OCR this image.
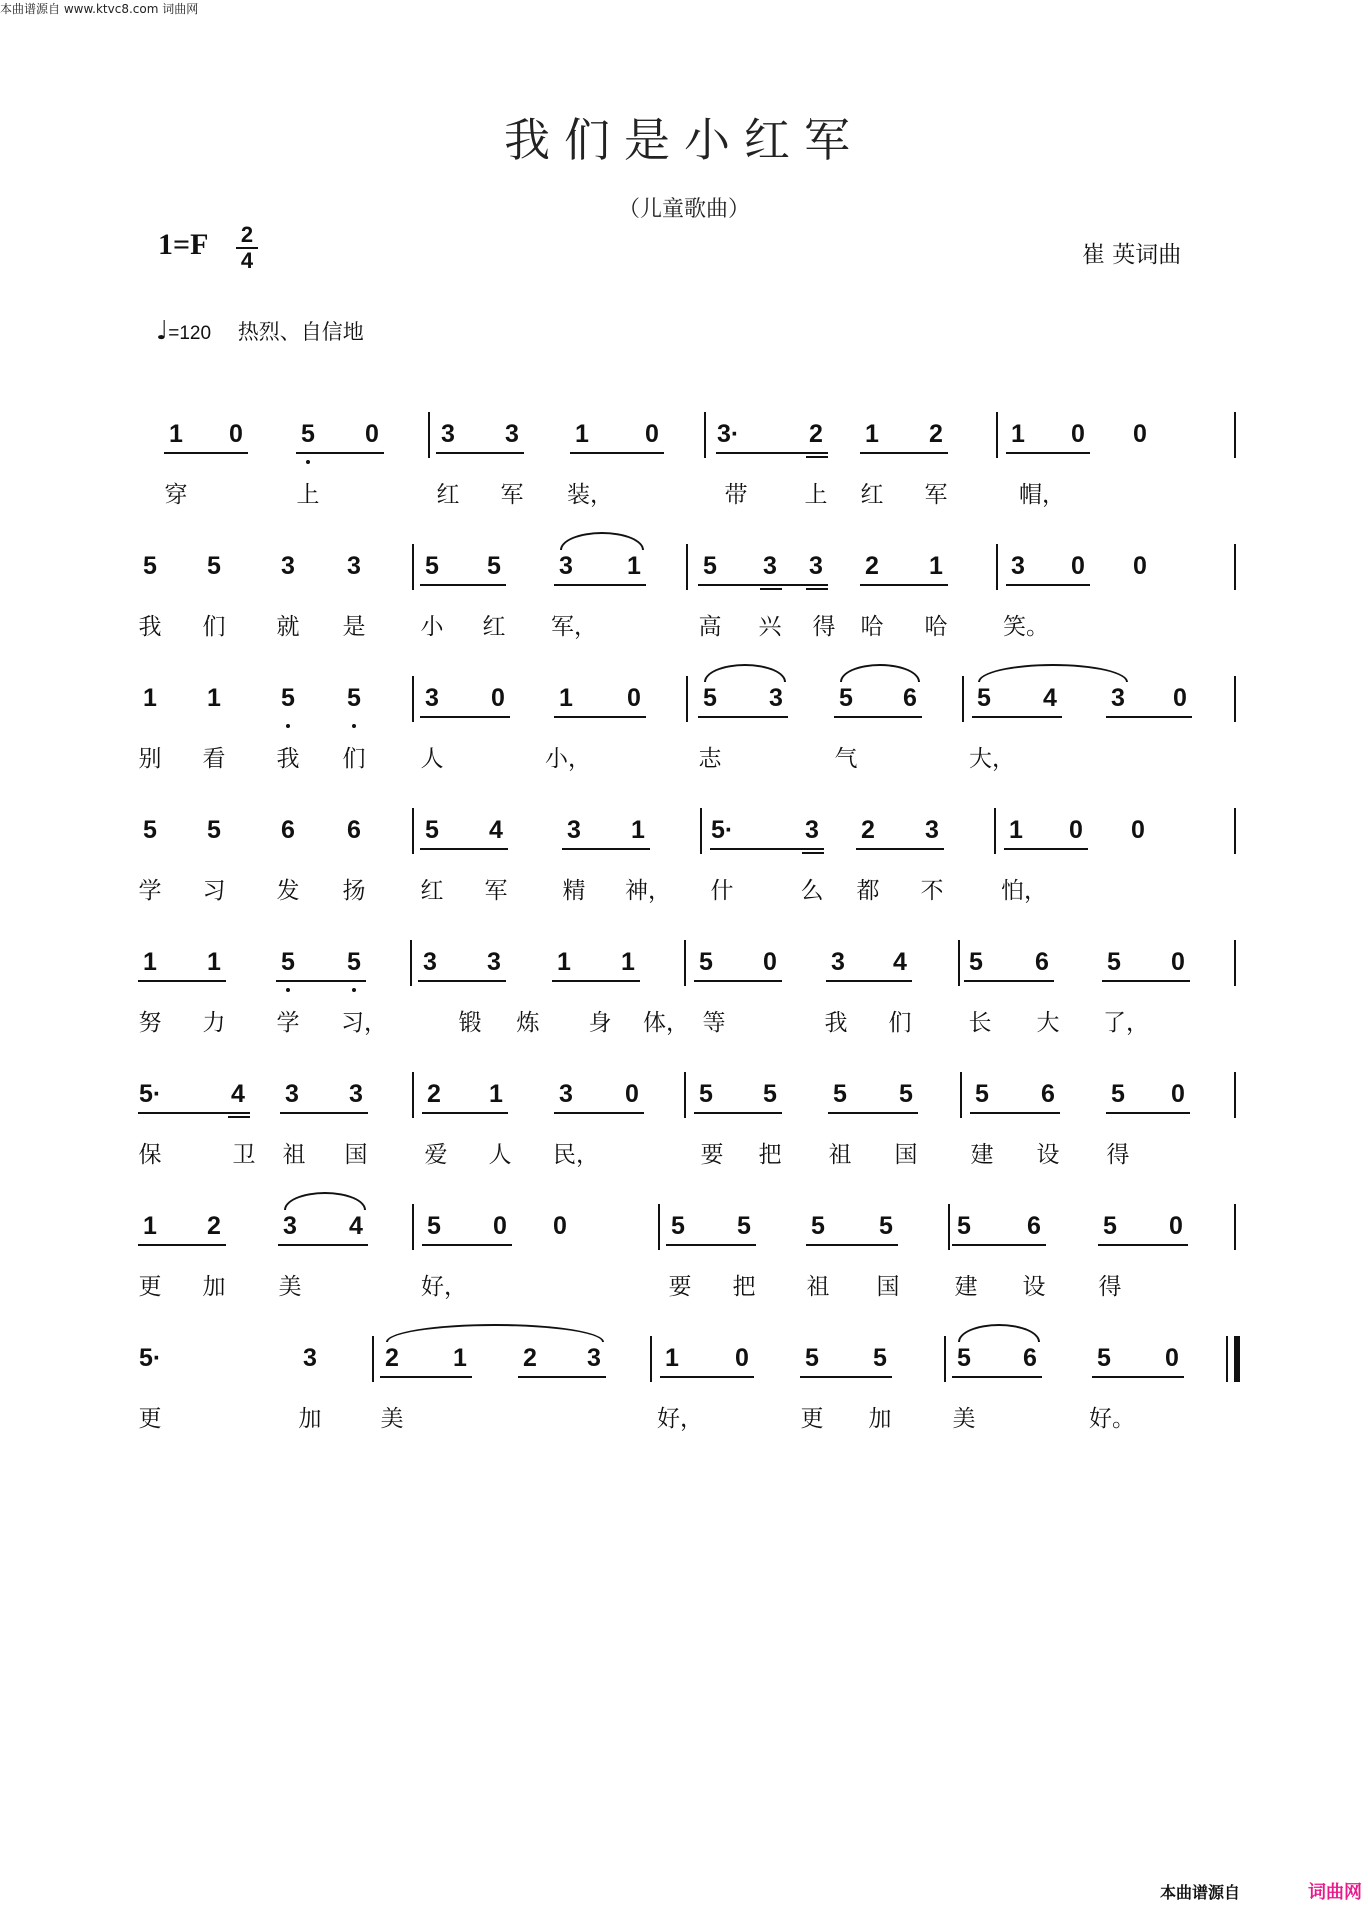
本曲谱源自 www.ktvc8.com 词曲网
我们是小红军
（儿童歌曲）
1=F 2
4	崔 英词曲
♩=120 热烈、自信地
1 0 5 0 3 3 1 0 3·	2 1 2	1 0 0
穿	上	红 军 装，	带 上 红 军	帽，
5 5 3 3	5 5 3 1 5 3 3 2 1	3 0 0
我 们 就 是 小 红 军，	高 兴 得 哈 哈 笑。
1 1 5 5	3 0 1 0 5 3 5 6 5 4 3 0
别 看 我 们 人	小，	志	气	大，
5 5 6 6	5 4	3 1	5·	3 2 3	1 0 0
学 习 发 扬 红 军 精 神， 什	么 都 不	怕，
1 1 5 5 3 3 1 1	5 0 3 4 5 6 5 0
努 力 学 习，	锻 炼 身 体， 等	我 们 长 大 了，
5·	4 3 3	2 1 3 0 5 5 5 5 5 6 5 0
保	卫 祖 国 爱 人 民，	要 把 祖 国 建 设 得
1 2 3 4	5 0 0	5 5 5 5	5 6 5 0
更 加 美	好，	要 把 祖 国 建 设 得
5·	3	2 1 2 3	1 0 5 5	5 6 5 0
更	加	美	好，	更 加	美	好。
本曲谱源自	词曲网
